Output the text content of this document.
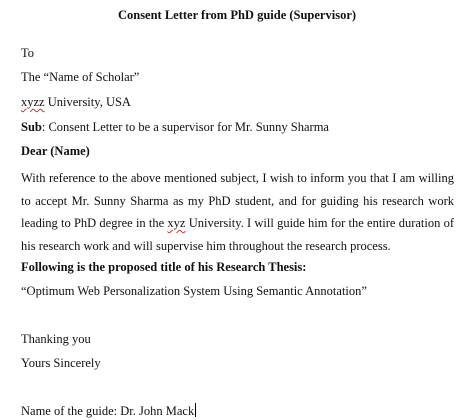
Consent Letter from PhD guide (Supervisor)
To
The “Name of Scholar”
xyzz University, USA
Sub: Consent Letter to be a supervisor for Mr. Sunny Sharma
Dear (Name)
With reference to the above mentioned subject, I wish to inform you that I am willing to accept Mr. Sunny Sharma as my PhD student, and for guiding his research work leading to PhD degree in the xyz University. I will guide him for the entire duration of his research work and will supervise him throughout the research process.
Following is the proposed title of his Research Thesis:
“Optimum Web Personalization System Using Semantic Annotation”
Thanking you
Yours Sincerely
Name of the guide: Dr. John Mack
